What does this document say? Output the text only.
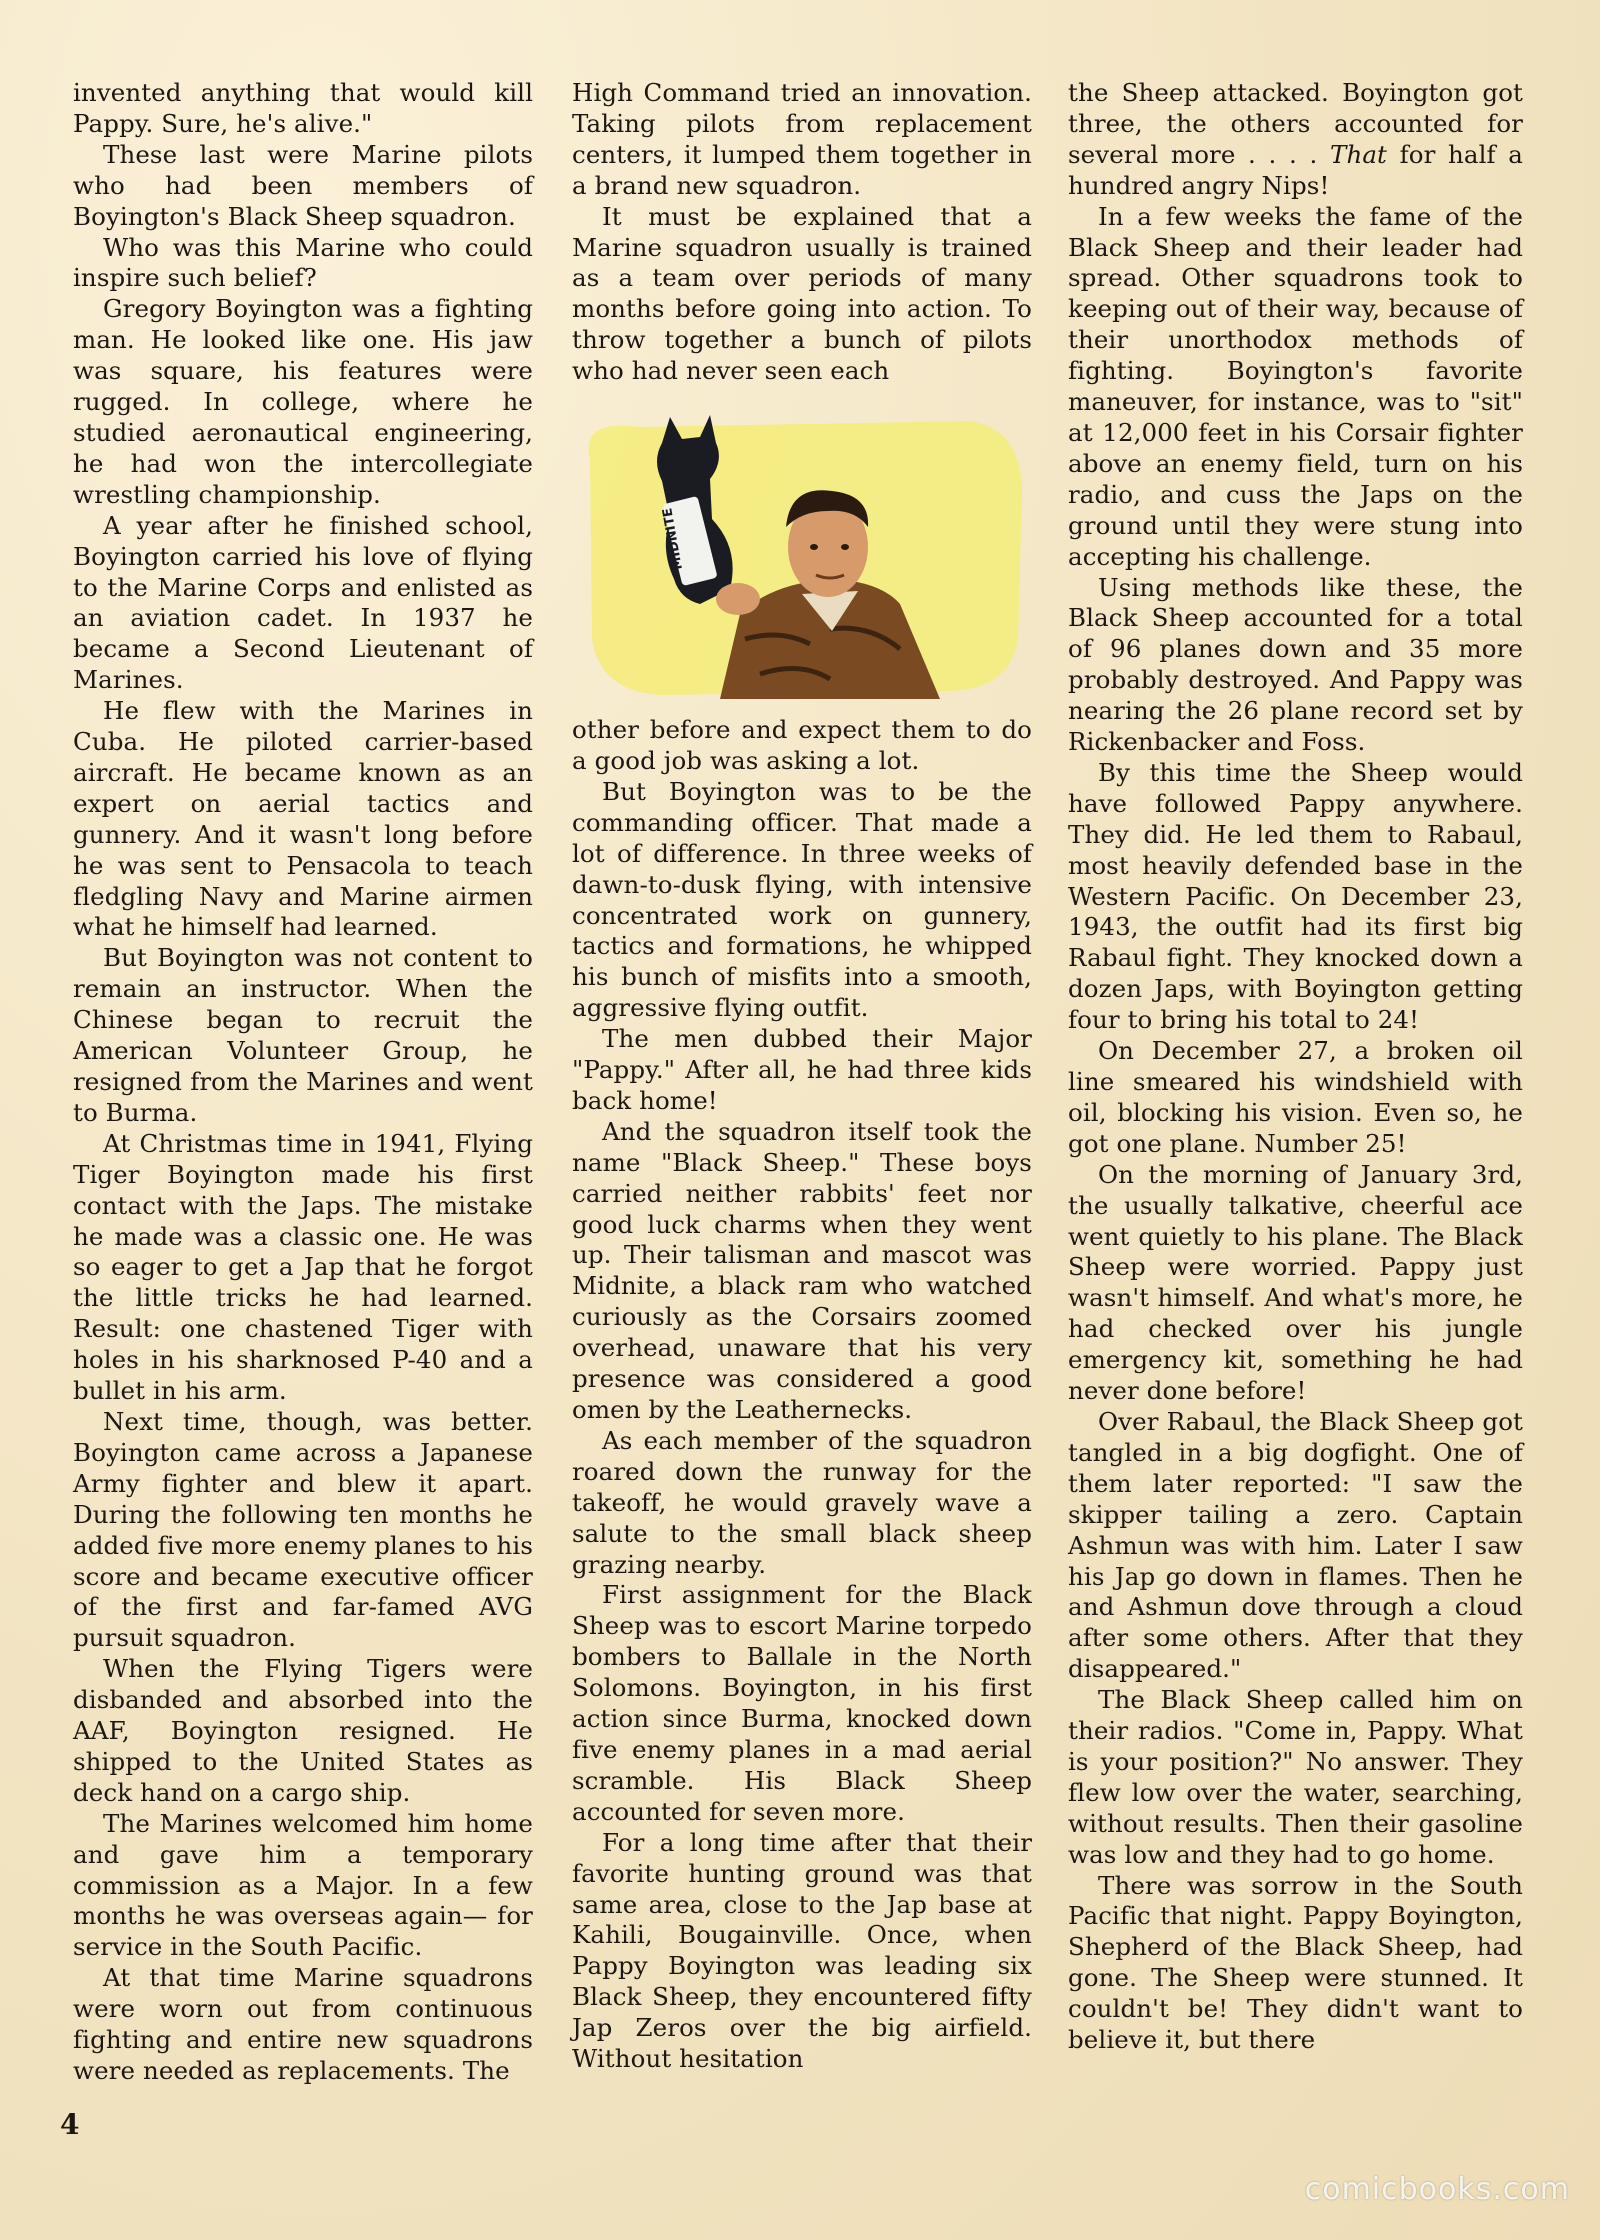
invented anything that would kill Pappy. Sure, he's alive."

These last were Marine pilots who had been members of Boyington's Black Sheep squadron.

Who was this Marine who could inspire such belief?

Gregory Boyington was a fighting man. He looked like one. His jaw was square, his features were rugged. In college, where he studied aeronautical engineering, he had won the intercollegiate wrestling championship.

A year after he finished school, Boyington carried his love of flying to the Marine Corps and enlisted as an aviation cadet. In 1937 he became a Second Lieutenant of Marines.

He flew with the Marines in Cuba. He piloted carrier-based aircraft. He became known as an expert on aerial tactics and gunnery. And it wasn't long before he was sent to Pensacola to teach fledgling Navy and Marine airmen what he himself had learned.

But Boyington was not content to remain an instructor. When the Chinese began to recruit the American Volunteer Group, he resigned from the Marines and went to Burma.

At Christmas time in 1941, Flying Tiger Boyington made his first contact with the Japs. The mistake he made was a classic one. He was so eager to get a Jap that he forgot the little tricks he had learned. Result: one chastened Tiger with holes in his sharknosed P-40 and a bullet in his arm.

Next time, though, was better. Boyington came across a Japanese Army fighter and blew it apart. During the following ten months he added five more enemy planes to his score and became executive officer of the first and far-famed AVG pursuit squadron.

When the Flying Tigers were disbanded and absorbed into the AAF, Boyington resigned. He shipped to the United States as deck hand on a cargo ship.

The Marines welcomed him home and gave him a temporary commission as a Major. In a few months he was overseas again— for service in the South Pacific.

At that time Marine squadrons were worn out from continuous fighting and entire new squadrons were needed as replacements. The

High Command tried an innovation. Taking pilots from replacement centers, it lumped them together in a brand new squadron.

It must be explained that a Marine squadron usually is trained as a team over periods of many months before going into action. To throw together a bunch of pilots who had never seen each

MIDNITE

other before and expect them to do a good job was asking a lot.

But Boyington was to be the commanding officer. That made a lot of difference. In three weeks of dawn-to-dusk flying, with intensive concentrated work on gunnery, tactics and formations, he whipped his bunch of misfits into a smooth, aggressive flying outfit.

The men dubbed their Major "Pappy." After all, he had three kids back home!

And the squadron itself took the name "Black Sheep." These boys carried neither rabbits' feet nor good luck charms when they went up. Their talisman and mascot was Midnite, a black ram who watched curiously as the Corsairs zoomed overhead, unaware that his very presence was considered a good omen by the Leathernecks.

As each member of the squadron roared down the runway for the takeoff, he would gravely wave a salute to the small black sheep grazing nearby.

First assignment for the Black Sheep was to escort Marine torpedo bombers to Ballale in the North Solomons. Boyington, in his first action since Burma, knocked down five enemy planes in a mad aerial scramble. His Black Sheep accounted for seven more.

For a long time after that their favorite hunting ground was that same area, close to the Jap base at Kahili, Bougainville. Once, when Pappy Boyington was leading six Black Sheep, they encountered fifty Jap Zeros over the big airfield. Without hesitation

the Sheep attacked. Boyington got three, the others accounted for several more . . . . That for half a hundred angry Nips!

In a few weeks the fame of the Black Sheep and their leader had spread. Other squadrons took to keeping out of their way, because of their unorthodox methods of fighting. Boyington's favorite maneuver, for instance, was to "sit" at 12,000 feet in his Corsair fighter above an enemy field, turn on his radio, and cuss the Japs on the ground until they were stung into accepting his challenge.

Using methods like these, the Black Sheep accounted for a total of 96 planes down and 35 more probably destroyed. And Pappy was nearing the 26 plane record set by Rickenbacker and Foss.

By this time the Sheep would have followed Pappy anywhere. They did. He led them to Rabaul, most heavily defended base in the Western Pacific. On December 23, 1943, the outfit had its first big Rabaul fight. They knocked down a dozen Japs, with Boyington getting four to bring his total to 24!

On December 27, a broken oil line smeared his windshield with oil, blocking his vision. Even so, he got one plane. Number 25!

On the morning of January 3rd, the usually talkative, cheerful ace went quietly to his plane. The Black Sheep were worried. Pappy just wasn't himself. And what's more, he had checked over his jungle emergency kit, something he had never done before!

Over Rabaul, the Black Sheep got tangled in a big dogfight. One of them later reported: "I saw the skipper tailing a zero. Captain Ashmun was with him. Later I saw his Jap go down in flames. Then he and Ashmun dove through a cloud after some others. After that they disappeared."

The Black Sheep called him on their radios. "Come in, Pappy. What is your position?" No answer. They flew low over the water, searching, without results. Then their gasoline was low and they had to go home.

There was sorrow in the South Pacific that night. Pappy Boyington, Shepherd of the Black Sheep, had gone. The Sheep were stunned. It couldn't be! They didn't want to believe it, but there

4
comicbooks.com
